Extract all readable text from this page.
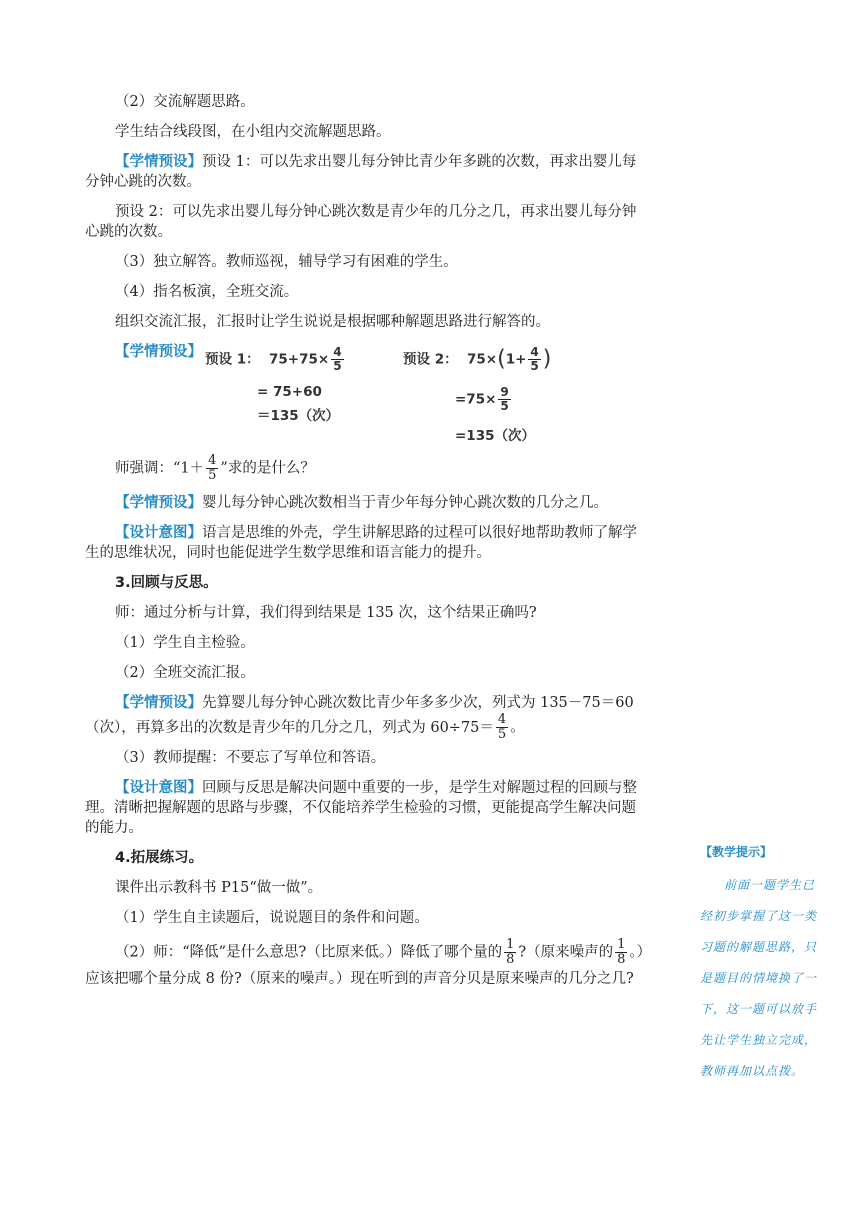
（2）交流解题思路。
学生结合线段图，在小组内交流解题思路。
【学情预设】预设 1：可以先求出婴儿每分钟比青少年多跳的次数，再求出婴儿每
分钟心跳的次数。
预设 2：可以先求出婴儿每分钟心跳次数是青少年的几分之几，再求出婴儿每分钟
心跳的次数。
（3）独立解答。教师巡视，辅导学习有困难的学生。
（4）指名板演，全班交流。
组织交流汇报，汇报时让学生说说是根据哪种解题思路进行解答的。
【学情预设】 预设 1： $75+75\times \frac{4}{5}$
= 75+60
＝135（次）
预设 2： $75\times(1+ \frac{4}{5}$ )
$=75\times \frac{9}{5}$
=135（次）
师强调：“$1+ \frac{4}{5}$ ”求的是什么？
【学情预设】婴儿每分钟心跳次数相当于青少年每分钟心跳次数的几分之几。
【设计意图】语言是思维的外壳，学生讲解思路的过程可以很好地帮助教师了解学
生的思维状况，同时也能促进学生数学思维和语言能力的提升。
3.回顾与反思。
师：通过分析与计算，我们得到结果是 135 次，这个结果正确吗?
（1）学生自主检验。
（2）全班交流汇报。
【学情预设】先算婴儿每分钟心跳次数比青少年多多少次，列式为 135－75＝60
（次），再算多出的次数是青少年的几分之几，列式为 $60\div 75= \frac{4}{5}$ 。
（3）教师提醒：不要忘了写单位和答语。
【设计意图】回顾与反思是解决问题中重要的一步，是学生对解题过程的回顾与整
理。清晰把握解题的思路与步骤，不仅能培养学生检验的习惯，更能提高学生解决问题
的能力。
4.拓展练习。
课件出示教科书 P15“做一做”。
（1）学生自主读题后，说说题目的条件和问题。
（2）师：“降低”是什么意思?（比原来低。）降低了哪个量的 $\frac{1}{8}$ ?（原来噪声的 $\frac{1}{8}$ 。）
应该把哪个量分成 8 份?（原来的噪声。）现在听到的声音分贝是原来噪声的几分之几?
【教学提示】
前面一题学生已经初步掌握了这一类习题的解题思路，只是题目的情境换了一下，这一题可以放手先让学生独立完成，教师再加以点拨。
